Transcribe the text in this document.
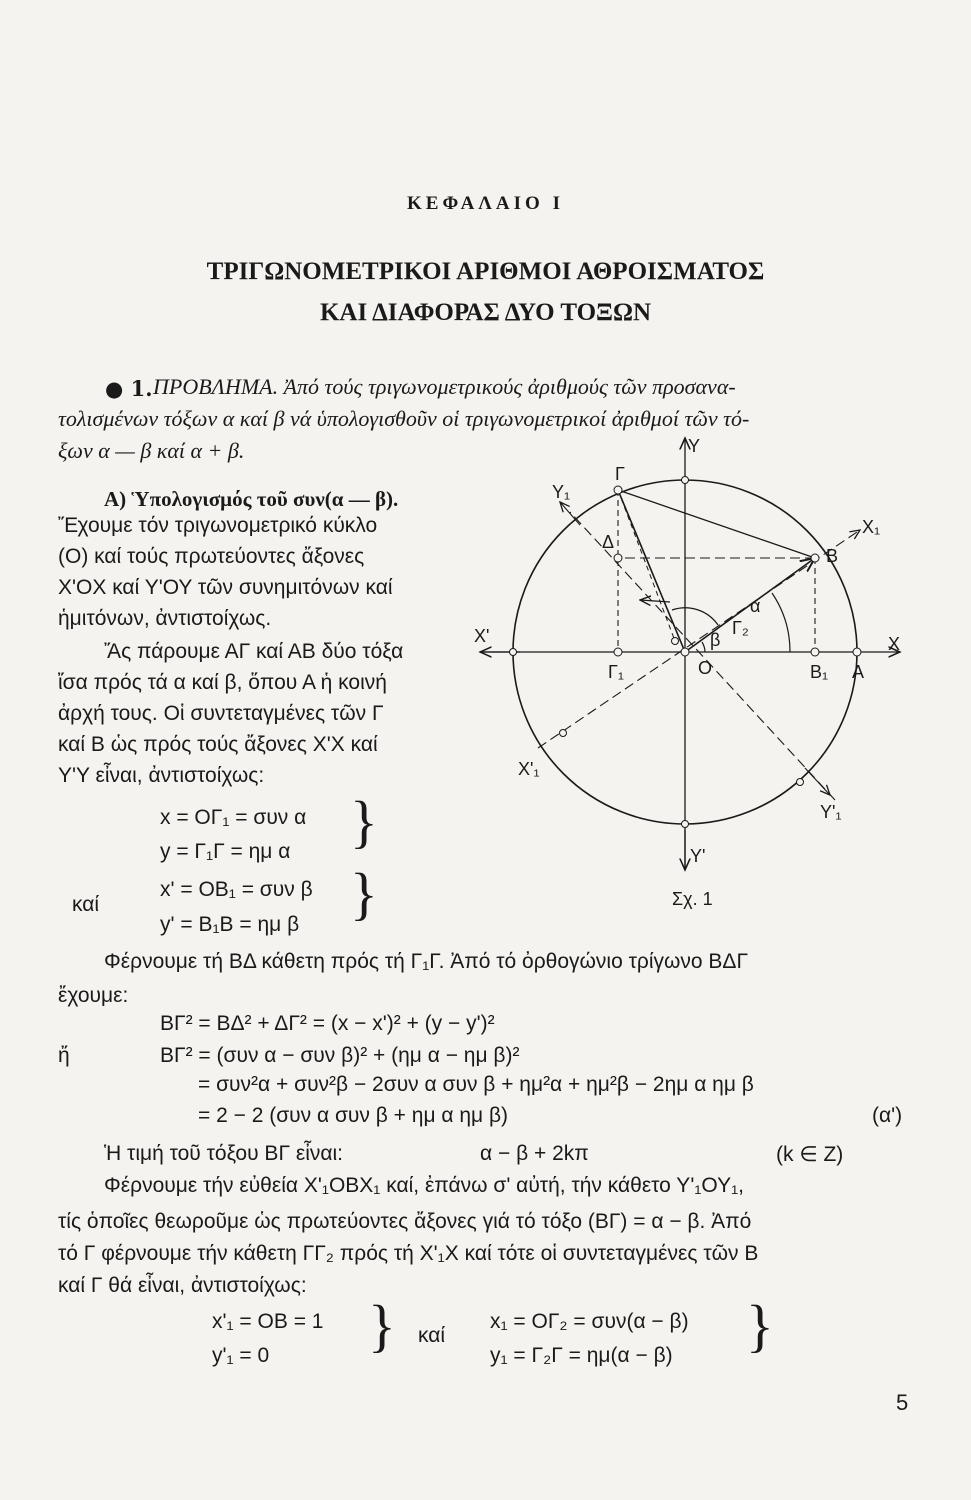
ΚΕΦΑΛΑΙΟ Ι
ΤΡΙΓΩΝΟΜΕΤΡΙΚΟΙ ΑΡΙΘΜΟΙ ΑΘΡΟΙΣΜΑΤΟΣ
ΚΑΙ ΔΙΑΦΟΡΑΣ ΔΥΟ ΤΟΞΩΝ
● 1. ΠΡΟΒΛΗΜΑ. Ἀπό τούς τριγωνομετρικούς ἀριθμούς τῶν προσανα-
τολισμένων τόξων α καί β νά ὑπολογισθοῦν οἱ τριγωνομετρικοί ἀριθμοί τῶν τό-
ξων α — β καί α + β.
Α) Ὑπολογισμός τοῦ συν(α — β).
Ἔχουμε τόν τριγωνομετρικό κύκλο
(Ο) καί τούς πρωτεύοντες ἄξονες
Χ'ΟΧ καί Υ'ΟΥ τῶν συνημιτόνων καί
ἡμιτόνων, ἀντιστοίχως.
Ἄς πάρουμε ΑΓ καί ΑΒ δύο τόξα
ἴσα πρός τά α καί β, ὅπου Α ἡ κοινή
ἀρχή τους. Οἱ συντεταγμένες τῶν Γ
καί Β ὡς πρός τούς ἄξονες Χ'Χ καί
Υ'Υ εἶναι, ἀντιστοίχως:
x = ΟΓ₁ = συν α
y = Γ₁Γ = ημ α }
καί
x' = ΟΒ₁ = συν β
y' = Β₁Β = ημ β }
Υ
Υ'
Χ
Χ'
Υ₁
Υ'₁
Χ₁
Χ'₁
Γ
Δ
Β
Α
Ο
Γ₁	Β₁
Γ₂
α
β
Σχ. 1
Φέρνουμε τή ΒΔ κάθετη πρός τή Γ₁Γ. Ἀπό τό ὀρθογώνιο τρίγωνο ΒΔΓ
ἔχουμε:
ΒΓ² = ΒΔ² + ΔΓ² = (x − x')² + (y − y')²
ἤ	ΒΓ² = (συν α − συν β)² + (ημ α − ημ β)²
= συν²α + συν²β − 2συν α συν β + ημ²α + ημ²β − 2ημ α ημ β
= 2 − 2 (συν α συν β + ημ α ημ β)	(α')
Ἡ τιμή τοῦ τόξου ΒΓ εἶναι:	α − β + 2kπ	(k ∈ Ζ)
Φέρνουμε τήν εὐθεία Χ'₁ΟΒΧ₁ καί, ἐπάνω σ' αὐτή, τήν κάθετο Υ'₁ΟΥ₁,
τίς ὁποῖες θεωροῦμε ὡς πρωτεύοντες ἄξονες γιά τό τόξο (ΒΓ) = α − β. Ἀπό
τό Γ φέρνουμε τήν κάθετη ΓΓ₂ πρός τή Χ'₁Χ καί τότε οἱ συντεταγμένες τῶν Β
καί Γ θά εἶναι, ἀντιστοίχως:
x'₁ = ΟΒ = 1
y'₁ = 0 } καί
x₁ = ΟΓ₂ = συν(α − β)
y₁ = Γ₂Γ = ημ(α − β) }
5
